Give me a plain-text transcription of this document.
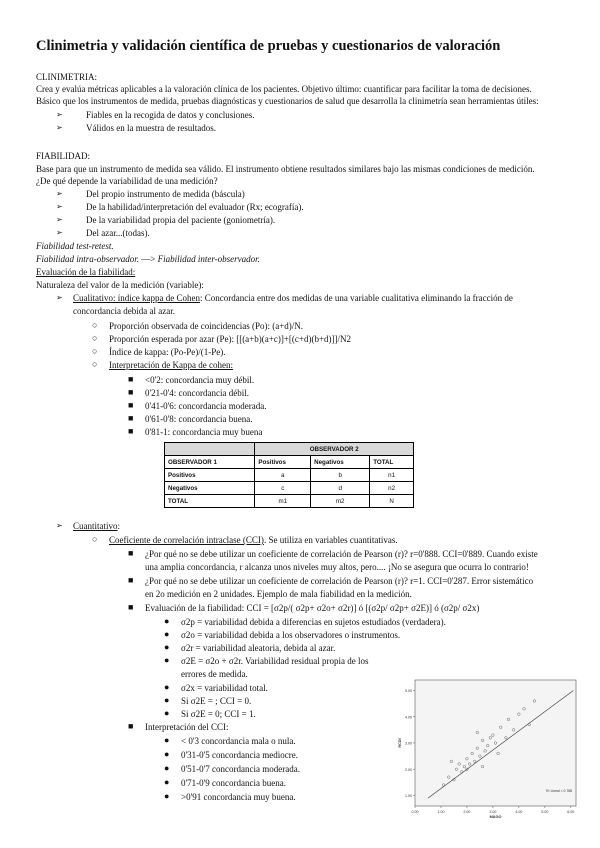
Clinimetria y validación científica de pruebas y cuestionarios de valoración
CLINIMETRIA:
Crea y evalúa métricas aplicables a la valoración clínica de los pacientes. Objetivo último: cuantificar para facilitar la toma de decisiones.
Básico que los instrumentos de medida, pruebas diagnósticas y cuestionarios de salud que desarrolla la clinimetría sean herramientas útiles:
➢	Fiables en la recogida de datos y conclusiones.
➢	Válidos en la muestra de resultados.
FIABILIDAD:
Base para que un instrumento de medida sea válido. El instrumento obtiene resultados similares bajo las mismas condiciones de medición.
¿De qué depende la variabilidad de una medición?
➢	Del propio instrumento de medida (báscula)
➢	De la habilidad/interpretación del evaluador (Rx; ecografía).
➢	De la variabilidad propia del paciente (goniometría).
➢	Del azar...(todas).
Fiabilidad test-retest.
Fiabilidad intra-observador. —> Fiabilidad inter-observador.
Evaluación de la fiabilidad:
Naturaleza del valor de la medición (variable):
➢ Cualitativo: índice kappa de Cohen: Concordancia entre dos medidas de una variable cualitativa eliminando la fracción de
concordancia debida al azar.
○ Proporción observada de coincidencias (Po): (a+d)/N.
○ Proporción esperada por azar (Pe): [[(a+b)(a+c)]+[(c+d)(b+d)]]/N2
○ Índice de kappa: (Po-Pe)/(1-Pe).
○ Interpretación de Kappa de cohen:
■ <0'2: concordancia muy débil.
■ 0'21-0'4: concordancia débil.
■ 0'41-0'6: concordancia moderada.
■ 0'61-0'8: concordancia buena.
■ 0'81-1: concordancia muy buena
	OBSERVADOR 2		
OBSERVADOR 1	Positivos	Negativos	TOTAL
Positivos	a	b	n1
Negativos	c	d	n2
TOTAL	m1	m2	N
➢ Cuantitativo:
○ Coeficiente de correlación intraclase (CCI). Se utiliza en variables cuantitativas.
■ ¿Por qué no se debe utilizar un coeficiente de correlación de Pearson (r)? r=0'888. CCI=0'889. Cuando existe
una amplia concordancia, r alcanza unos niveles muy altos, pero.... ¡No se asegura que ocurra lo contrario!
■ ¿Por qué no se debe utilizar un coeficiente de correlación de Pearson (r)? r=1. CCI=0'287. Error sistemático
en 2o medición en 2 unidades. Ejemplo de mala fiabilidad en la medición.
■ Evaluación de la fiabilidad: CCI = [σ2p/( σ2p+ σ2o+ σ2r)] ó [(σ2p/ σ2p+ σ2E)] ó (σ2p/ σ2x)
● σ2p = variabilidad debida a diferencias en sujetos estudiados (verdadera).
● σ2o = variabilidad debida a los observadores o instrumentos.
● σ2r = variabilidad aleatoria, debida al azar.
● σ2E = σ2o + σ2r. Variabilidad residual propia de los
errores de medida.
● σ2x = variabilidad total.
● Si σ2E = ; CCI = 0.
● Si σ2E = 0; CCI = 1.
■ Interpretación del CCI:
● < 0'3 concordancia mala o nula.
● 0'31-0'5 concordancia mediocre.
● 0'51-0'7 concordancia moderada.
● 0'71-0'9 concordancia buena.
● >0'91 concordancia muy buena.
5.00
4.00
3.00
2.00
1.00
0.00	1.00	2.00	3.00	4.00	5.00	6.00
MAGO
RCDI
R² Lineal = 0.788
